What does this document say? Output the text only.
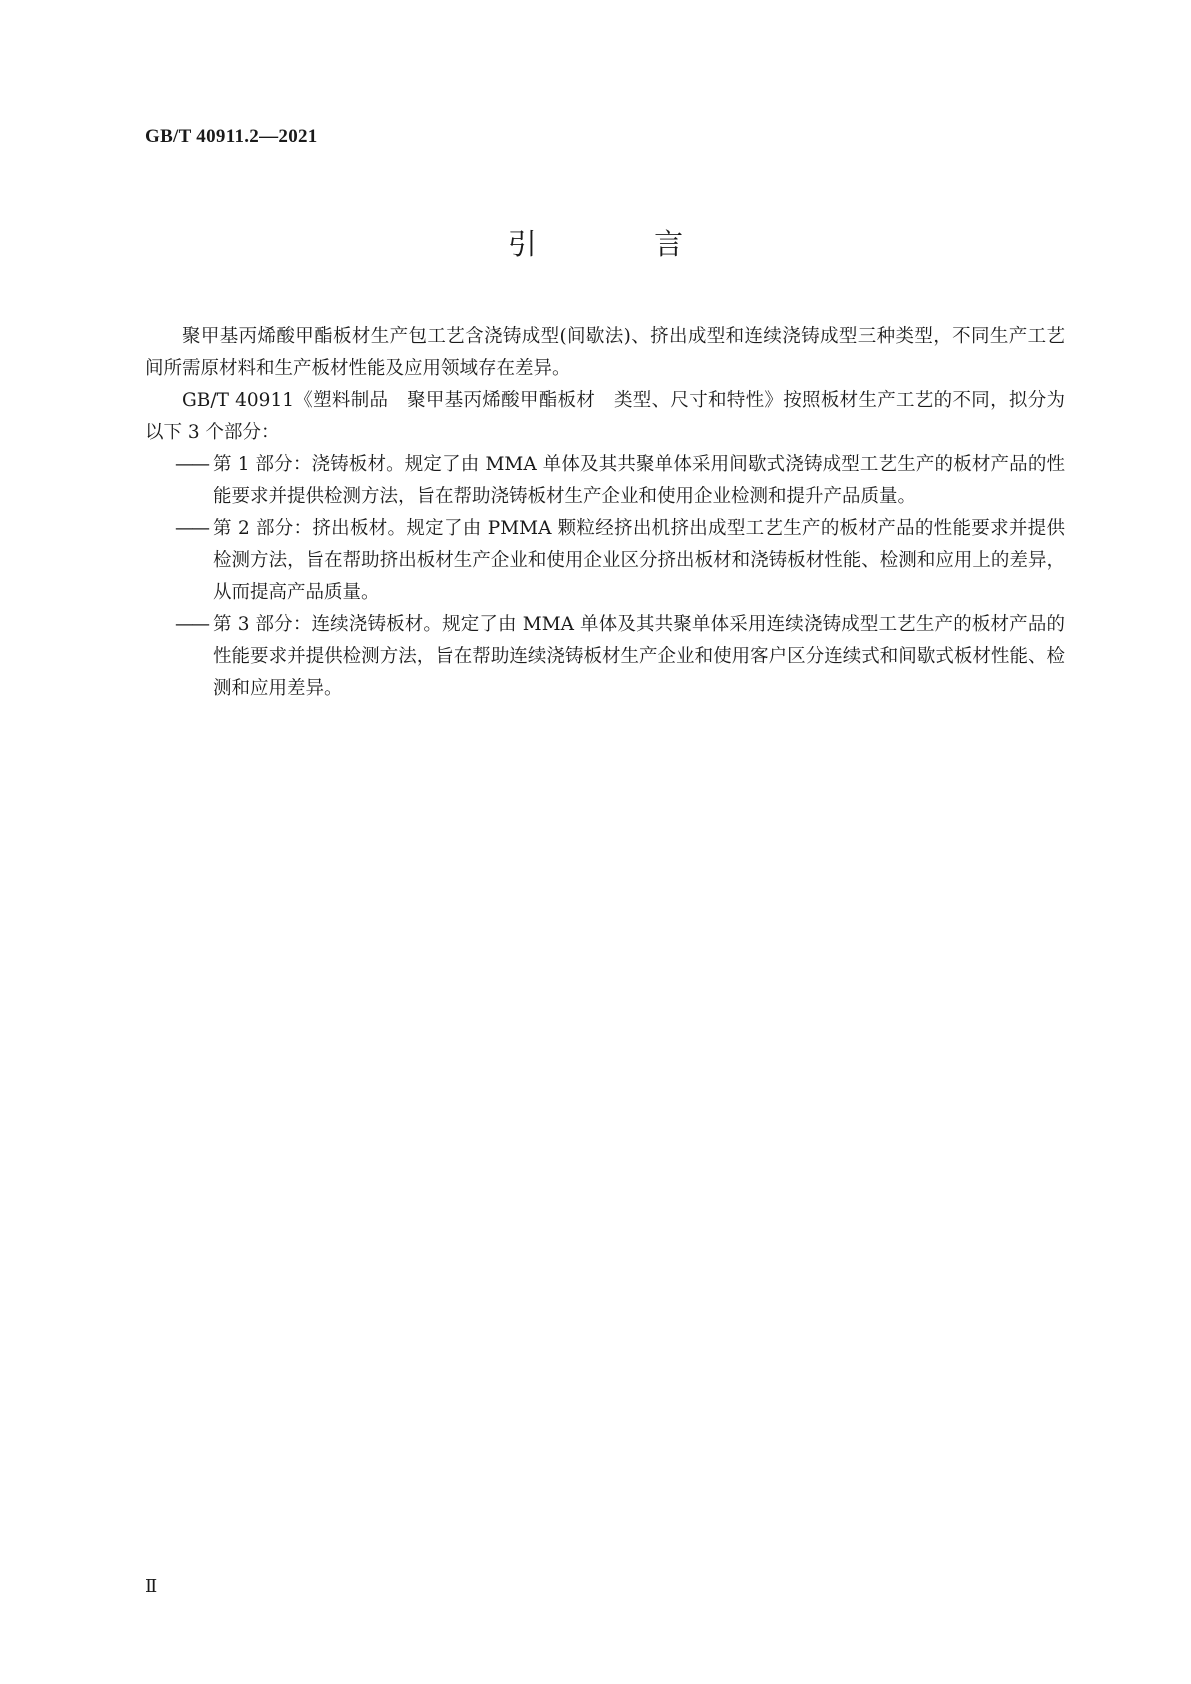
GB/T 40911.2—2021
引 言

聚甲基丙烯酸甲酯板材生产包工艺含浇铸成型(间歇法)、挤出成型和连续浇铸成型三种类型，不同生产工艺间所需原材料和生产板材性能及应用领域存在差异。

GB/T 40911《塑料制品　聚甲基丙烯酸甲酯板材　类型、尺寸和特性》按照板材生产工艺的不同，拟分为以下 3 个部分：

—— 第 1 部分：浇铸板材。规定了由 MMA 单体及其共聚单体采用间歇式浇铸成型工艺生产的板材产品的性能要求并提供检测方法，旨在帮助浇铸板材生产企业和使用企业检测和提升产品质量。
—— 第 2 部分：挤出板材。规定了由 PMMA 颗粒经挤出机挤出成型工艺生产的板材产品的性能要求并提供检测方法，旨在帮助挤出板材生产企业和使用企业区分挤出板材和浇铸板材性能、检测和应用上的差异，从而提高产品质量。
—— 第 3 部分：连续浇铸板材。规定了由 MMA 单体及其共聚单体采用连续浇铸成型工艺生产的板材产品的性能要求并提供检测方法，旨在帮助连续浇铸板材生产企业和使用客户区分连续式和间歇式板材性能、检测和应用差异。
Ⅱ
